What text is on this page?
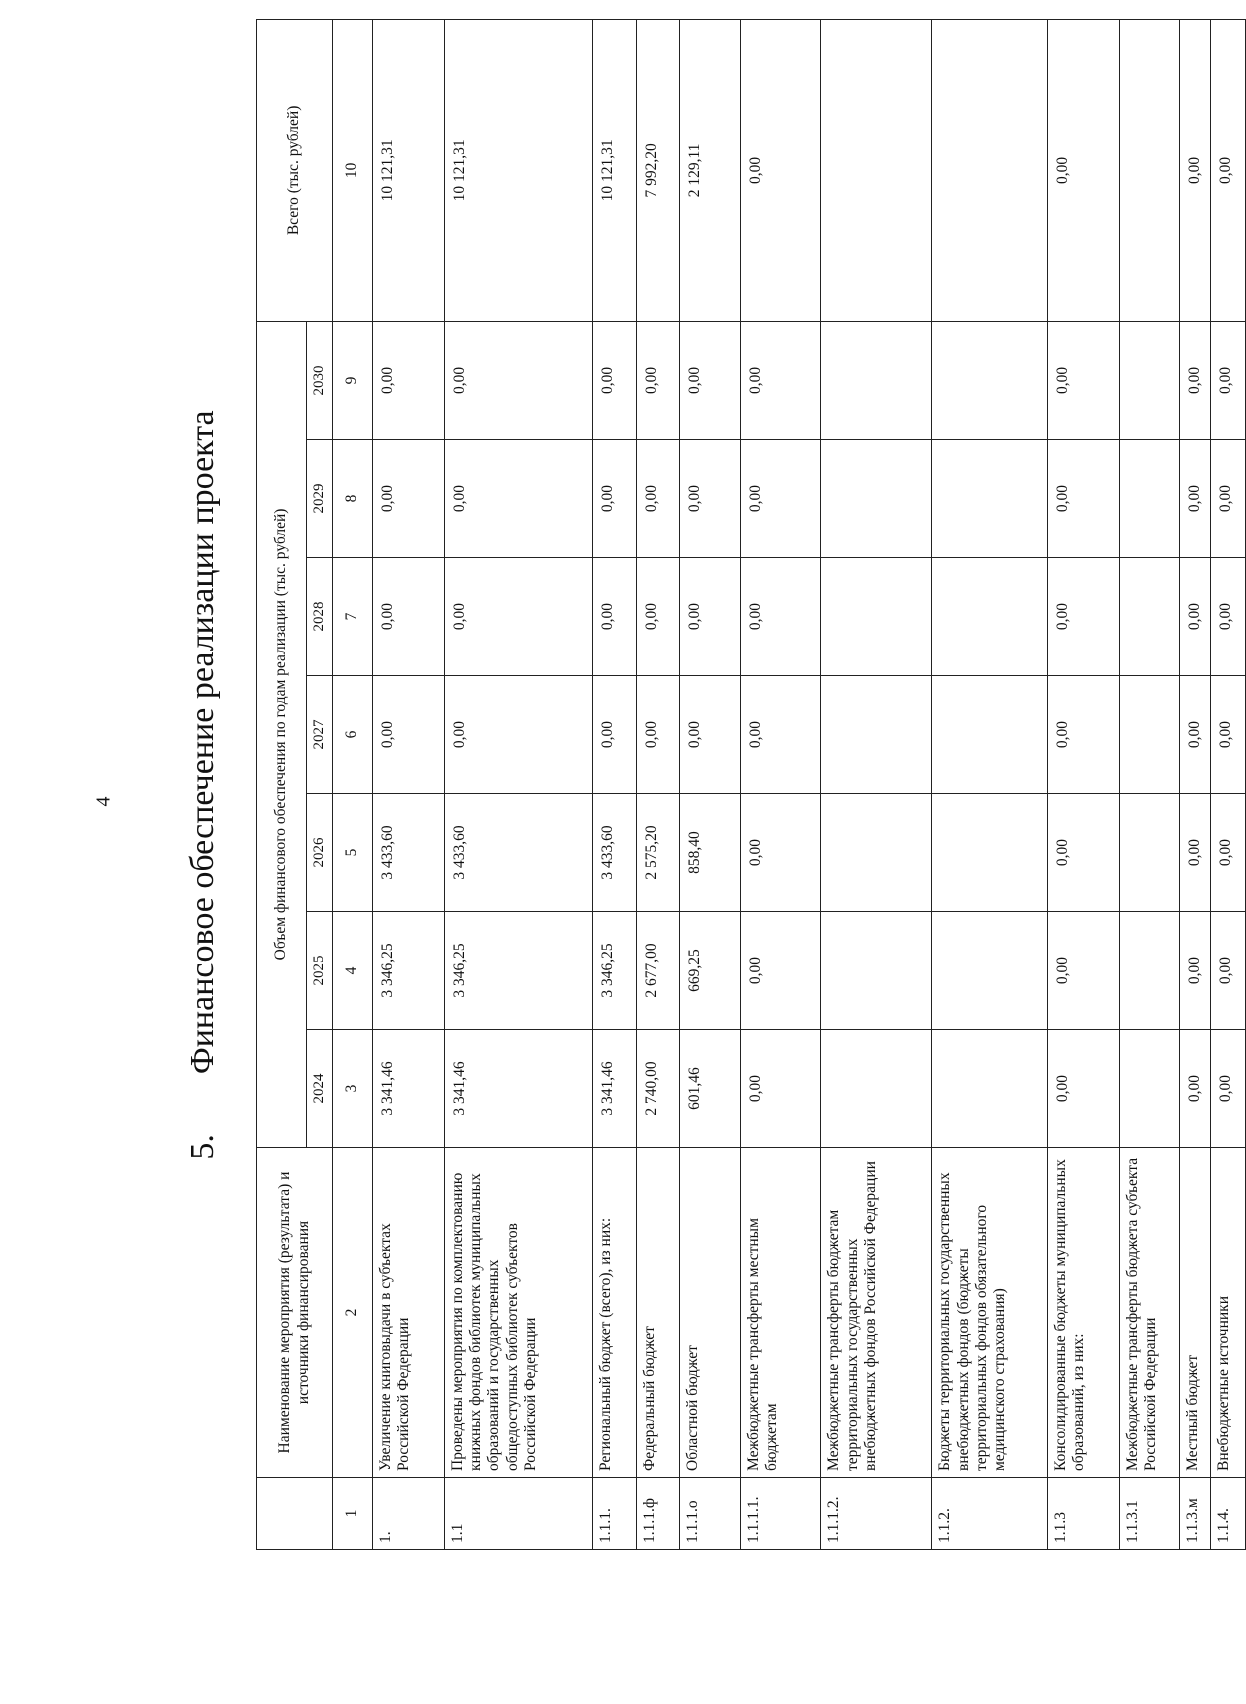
4
5.
Финансовое обеспечение реализации проекта
	Наименование мероприятия (результата) и источники финансирования	Объем финансового обеспечения по годам реализации (тыс. рублей)							Всего (тыс. рублей)
		2024	2025	2026	2027	2028	2029	2030	
1	2	3	4	5	6	7	8	9	10
1.	Увеличение книговыдачи в субъектах Российской Федерации	3 341,46	3 346,25	3 433,60	0,00	0,00	0,00	0,00	10 121,31
1.1	Проведены мероприятия по комплектованию книжных фондов библиотек муниципальных образований и государственных общедоступных библиотек субъектов Российской Федерации	3 341,46	3 346,25	3 433,60	0,00	0,00	0,00	0,00	10 121,31
1.1.1.	Региональный бюджет (всего), из них:	3 341,46	3 346,25	3 433,60	0,00	0,00	0,00	0,00	10 121,31
1.1.1.ф	Федеральный бюджет	2 740,00	2 677,00	2 575,20	0,00	0,00	0,00	0,00	7 992,20
1.1.1.о	Областной бюджет	601,46	669,25	858,40	0,00	0,00	0,00	0,00	2 129,11
1.1.1.1.	Межбюджетные трансферты местным бюджетам	0,00	0,00	0,00	0,00	0,00	0,00	0,00	0,00
1.1.1.2.	Межбюджетные трансферты бюджетам территориальных государственных внебюджетных фондов Российской Федерации								
1.1.2.	Бюджеты территориальных государственных внебюджетных фондов (бюджеты территориальных фондов обязательного медицинского страхования)								
1.1.3	Консолидированные бюджеты муниципальных образований, из них:	0,00	0,00	0,00	0,00	0,00	0,00	0,00	0,00
1.1.3.1	Межбюджетные трансферты бюджета субъекта Российской Федерации								
1.1.3.м	Местный бюджет	0,00	0,00	0,00	0,00	0,00	0,00	0,00	0,00
1.1.4.	Внебюджетные источники	0,00	0,00	0,00	0,00	0,00	0,00	0,00	0,00
